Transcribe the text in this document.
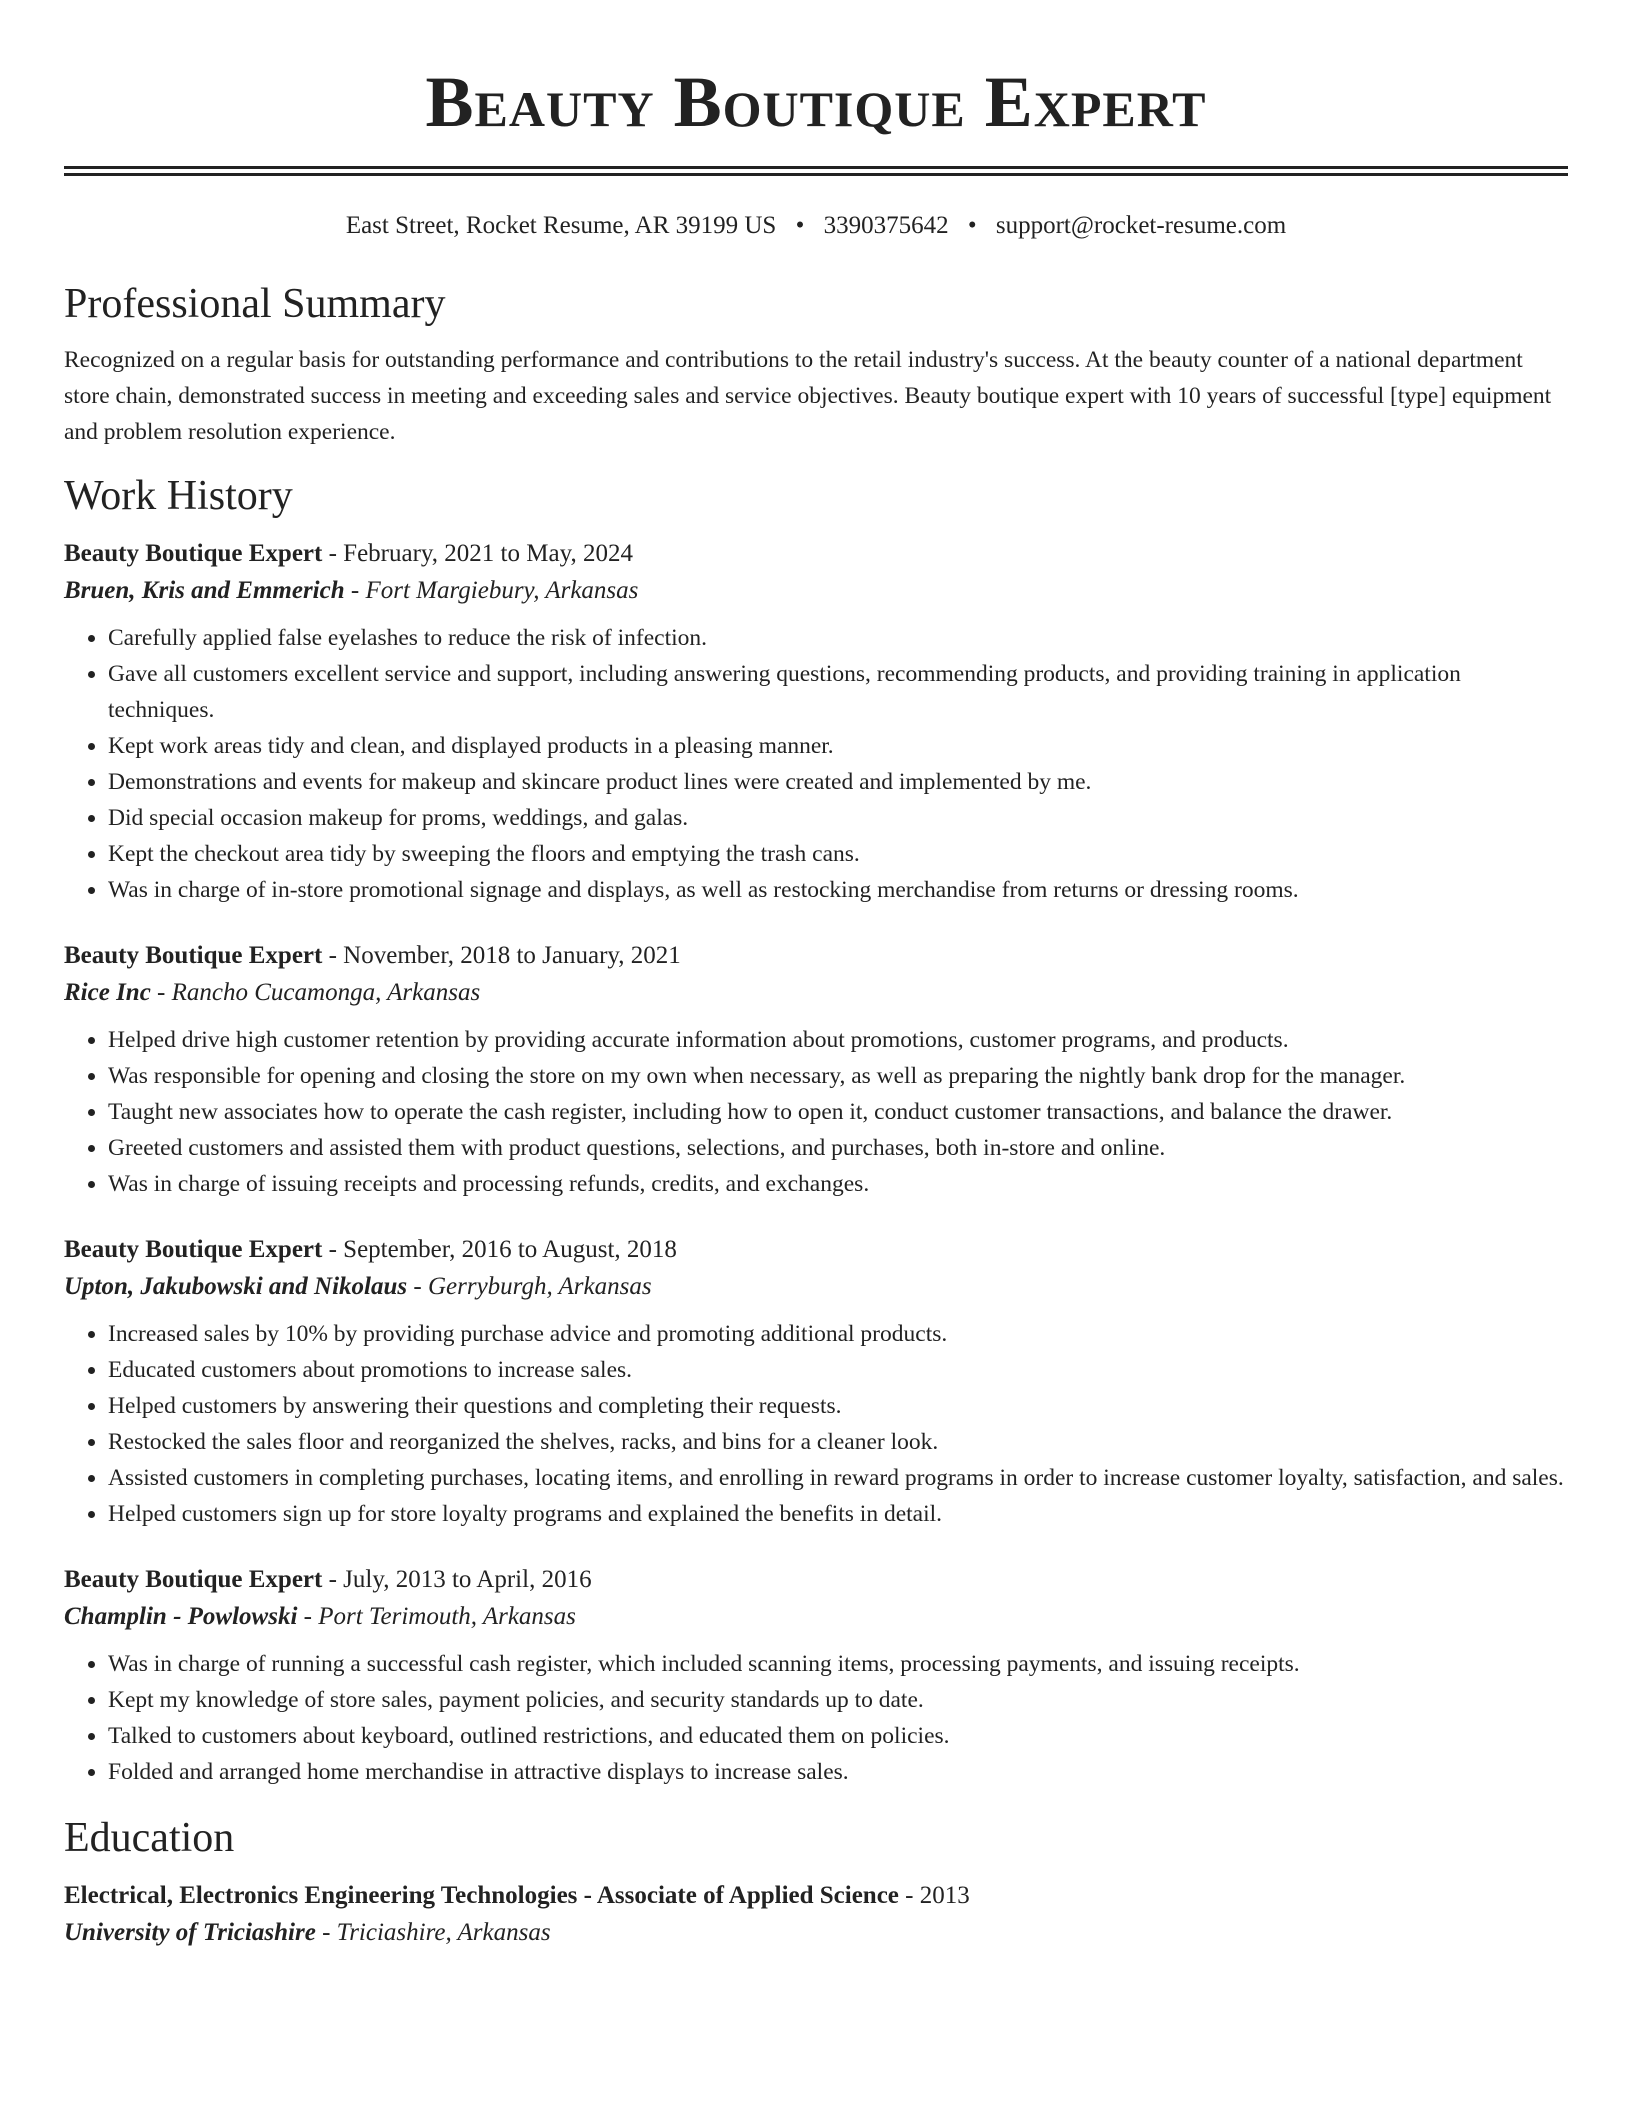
Beauty Boutique Expert
East Street, Rocket Resume, AR 39199 US • 3390375642 • support@rocket-resume.com
Professional Summary

Recognized on a regular basis for outstanding performance and contributions to the retail industry's success. At the beauty counter of a national department store chain, demonstrated success in meeting and exceeding sales and service objectives. Beauty boutique expert with 10 years of successful [type] equipment and problem resolution experience.

Work History

Beauty Boutique Expert - February, 2021 to May, 2024

Bruen, Kris and Emmerich - Fort Margiebury, Arkansas

• Carefully applied false eyelashes to reduce the risk of infection.
• Gave all customers excellent service and support, including answering questions, recommending products, and providing training in application techniques.
• Kept work areas tidy and clean, and displayed products in a pleasing manner.
• Demonstrations and events for makeup and skincare product lines were created and implemented by me.
• Did special occasion makeup for proms, weddings, and galas.
• Kept the checkout area tidy by sweeping the floors and emptying the trash cans.
• Was in charge of in-store promotional signage and displays, as well as restocking merchandise from returns or dressing rooms.

Beauty Boutique Expert - November, 2018 to January, 2021

Rice Inc - Rancho Cucamonga, Arkansas

• Helped drive high customer retention by providing accurate information about promotions, customer programs, and products.
• Was responsible for opening and closing the store on my own when necessary, as well as preparing the nightly bank drop for the manager.
• Taught new associates how to operate the cash register, including how to open it, conduct customer transactions, and balance the drawer.
• Greeted customers and assisted them with product questions, selections, and purchases, both in-store and online.
• Was in charge of issuing receipts and processing refunds, credits, and exchanges.

Beauty Boutique Expert - September, 2016 to August, 2018

Upton, Jakubowski and Nikolaus - Gerryburgh, Arkansas

• Increased sales by 10% by providing purchase advice and promoting additional products.
• Educated customers about promotions to increase sales.
• Helped customers by answering their questions and completing their requests.
• Restocked the sales floor and reorganized the shelves, racks, and bins for a cleaner look.
• Assisted customers in completing purchases, locating items, and enrolling in reward programs in order to increase customer loyalty, satisfaction, and sales.
• Helped customers sign up for store loyalty programs and explained the benefits in detail.

Beauty Boutique Expert - July, 2013 to April, 2016

Champlin - Powlowski - Port Terimouth, Arkansas

• Was in charge of running a successful cash register, which included scanning items, processing payments, and issuing receipts.
• Kept my knowledge of store sales, payment policies, and security standards up to date.
• Talked to customers about keyboard, outlined restrictions, and educated them on policies.
• Folded and arranged home merchandise in attractive displays to increase sales.
Education

Electrical, Electronics Engineering Technologies - Associate of Applied Science - 2013

University of Triciashire - Triciashire, Arkansas
